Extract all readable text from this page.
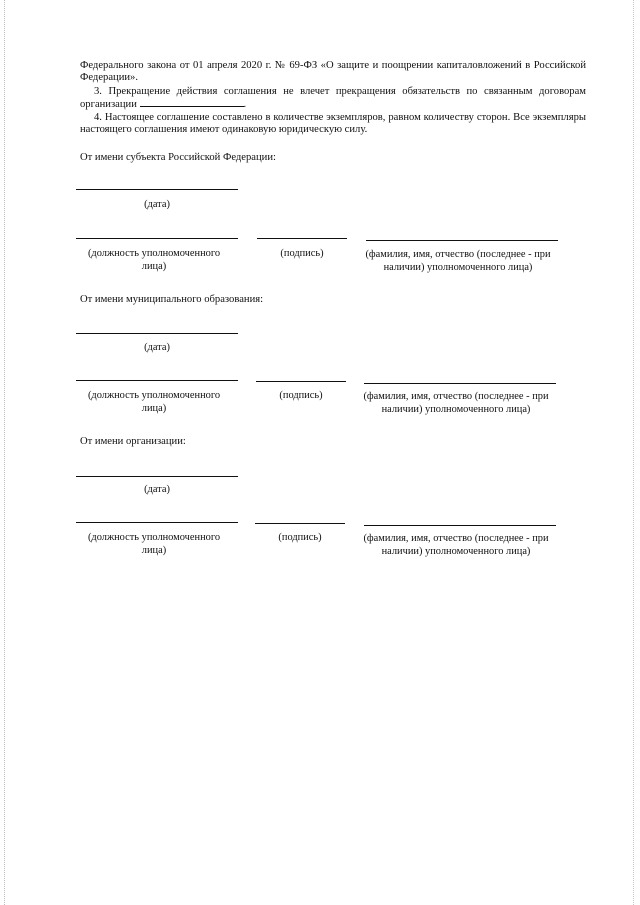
Федерального закона от 01 апреля 2020 г. № 69-ФЗ «О защите и поощрении капиталовложений в Российской Федерации».
3. Прекращение действия соглашения не влечет прекращения обязательств по связанным договорам организации	.
4. Настоящее соглашение составлено в количестве экземпляров, равном количеству сторон. Все экземпляры настоящего соглашения имеют одинаковую юридическую силу.
От имени субъекта Российской Федерации:
(дата)
(должность уполномоченного лица)
(подпись)	(фамилия, имя, отчество (последнее - при наличии) уполномоченного лица)
От имени муниципального образования:
(дата)
(должность уполномоченного лица)
(подпись)	(фамилия, имя, отчество (последнее - при наличии) уполномоченного лица)
От имени организации:
(дата)
(должность уполномоченного лица)
(подпись)	(фамилия, имя, отчество (последнее - при наличии) уполномоченного лица)
